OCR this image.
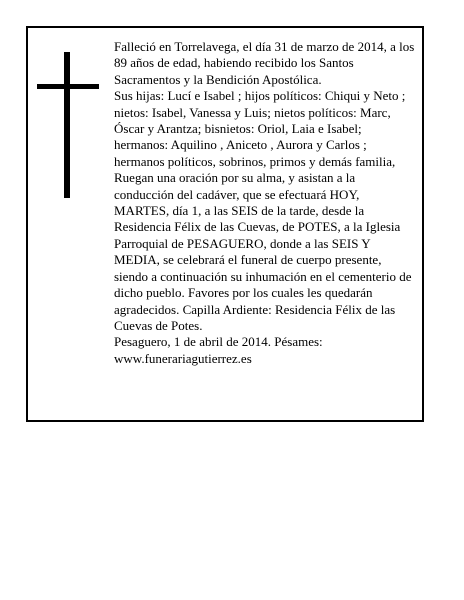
Falleció en Torrelavega, el día 31 de marzo de 2014, a los 89 años de edad, habiendo recibido los Santos Sacramentos y la Bendición Apostólica.

Sus hijas: Lucí e Isabel ; hijos políticos: Chiqui y Neto ; nietos: Isabel, Vanessa y Luis; nietos políticos: Marc, Óscar y Arantza; bisnietos: Oriol, Laia e Isabel; hermanos: Aquilino , Aniceto , Aurora y Carlos ; hermanos políticos, sobrinos, primos y demás familia, Ruegan una oración por su alma, y asistan a la conducción del cadáver, que se efectuará HOY, MARTES, día 1, a las SEIS de la tarde, desde la Residencia Félix de las Cuevas, de POTES, a la Iglesia Parroquial de PESAGUERO, donde a las SEIS Y MEDIA, se celebrará el funeral de cuerpo presente, siendo a continuación su inhumación en el cementerio de dicho pueblo. Favores por los cuales les quedarán agradecidos. Capilla Ardiente: Residencia Félix de las Cuevas de Potes.

Pesaguero, 1 de abril de 2014. Pésames: www.funerariagutierrez.es
